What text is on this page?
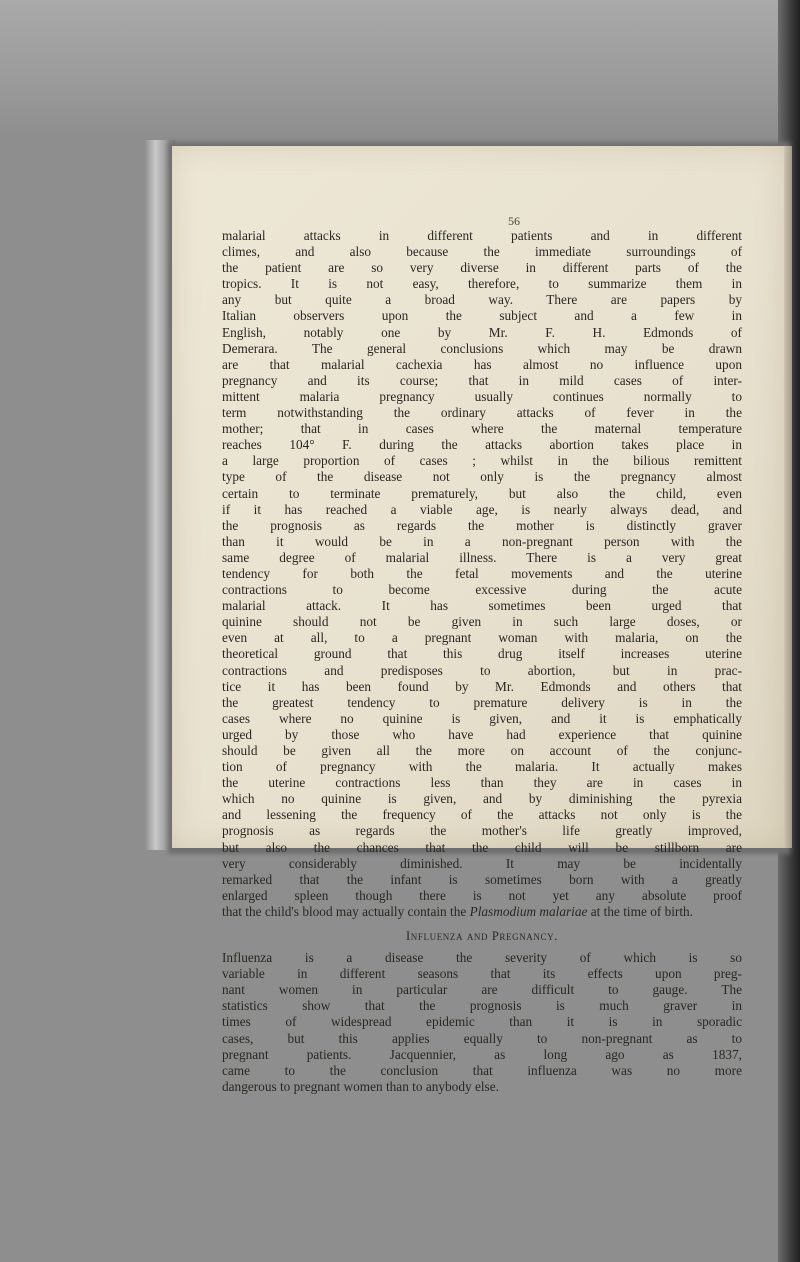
56
malarial attacks in different patients and in different
climes, and also because the immediate surroundings of
the patient are so very diverse in different parts of the
tropics. It is not easy, therefore, to summarize them in
any but quite a broad way. There are papers by
Italian observers upon the subject and a few in
English, notably one by Mr. F. H. Edmonds of
Demerara. The general conclusions which may be drawn
are that malarial cachexia has almost no influence upon
pregnancy and its course; that in mild cases of inter-
mittent malaria pregnancy usually continues normally to
term notwithstanding the ordinary attacks of fever in the
mother; that in cases where the maternal temperature
reaches 104° F. during the attacks abortion takes place in
a large proportion of cases ; whilst in the bilious remittent
type of the disease not only is the pregnancy almost
certain to terminate prematurely, but also the child, even
if it has reached a viable age, is nearly always dead, and
the prognosis as regards the mother is distinctly graver
than it would be in a non-pregnant person with the
same degree of malarial illness. There is a very great
tendency for both the fetal movements and the uterine
contractions to become excessive during the acute
malarial attack. It has sometimes been urged that
quinine should not be given in such large doses, or
even at all, to a pregnant woman with malaria, on the
theoretical ground that this drug itself increases uterine
contractions and predisposes to abortion, but in prac-
tice it has been found by Mr. Edmonds and others that
the greatest tendency to premature delivery is in the
cases where no quinine is given, and it is emphatically
urged by those who have had experience that quinine
should be given all the more on account of the conjunc-
tion of pregnancy with the malaria. It actually makes
the uterine contractions less than they are in cases in
which no quinine is given, and by diminishing the pyrexia
and lessening the frequency of the attacks not only is the
prognosis as regards the mother's life greatly improved,
but also the chances that the child will be stillborn are
very considerably diminished. It may be incidentally
remarked that the infant is sometimes born with a greatly
enlarged spleen though there is not yet any absolute proof
that the child's blood may actually contain the Plasmodium malariae at the time of birth.
Influenza and Pregnancy.
Influenza is a disease the severity of which is so
variable in different seasons that its effects upon preg-
nant women in particular are difficult to gauge. The
statistics show that the prognosis is much graver in
times of widespread epidemic than it is in sporadic
cases, but this applies equally to non-pregnant as to
pregnant patients. Jacquennier, as long ago as 1837,
came to the conclusion that influenza was no more
dangerous to pregnant women than to anybody else.
